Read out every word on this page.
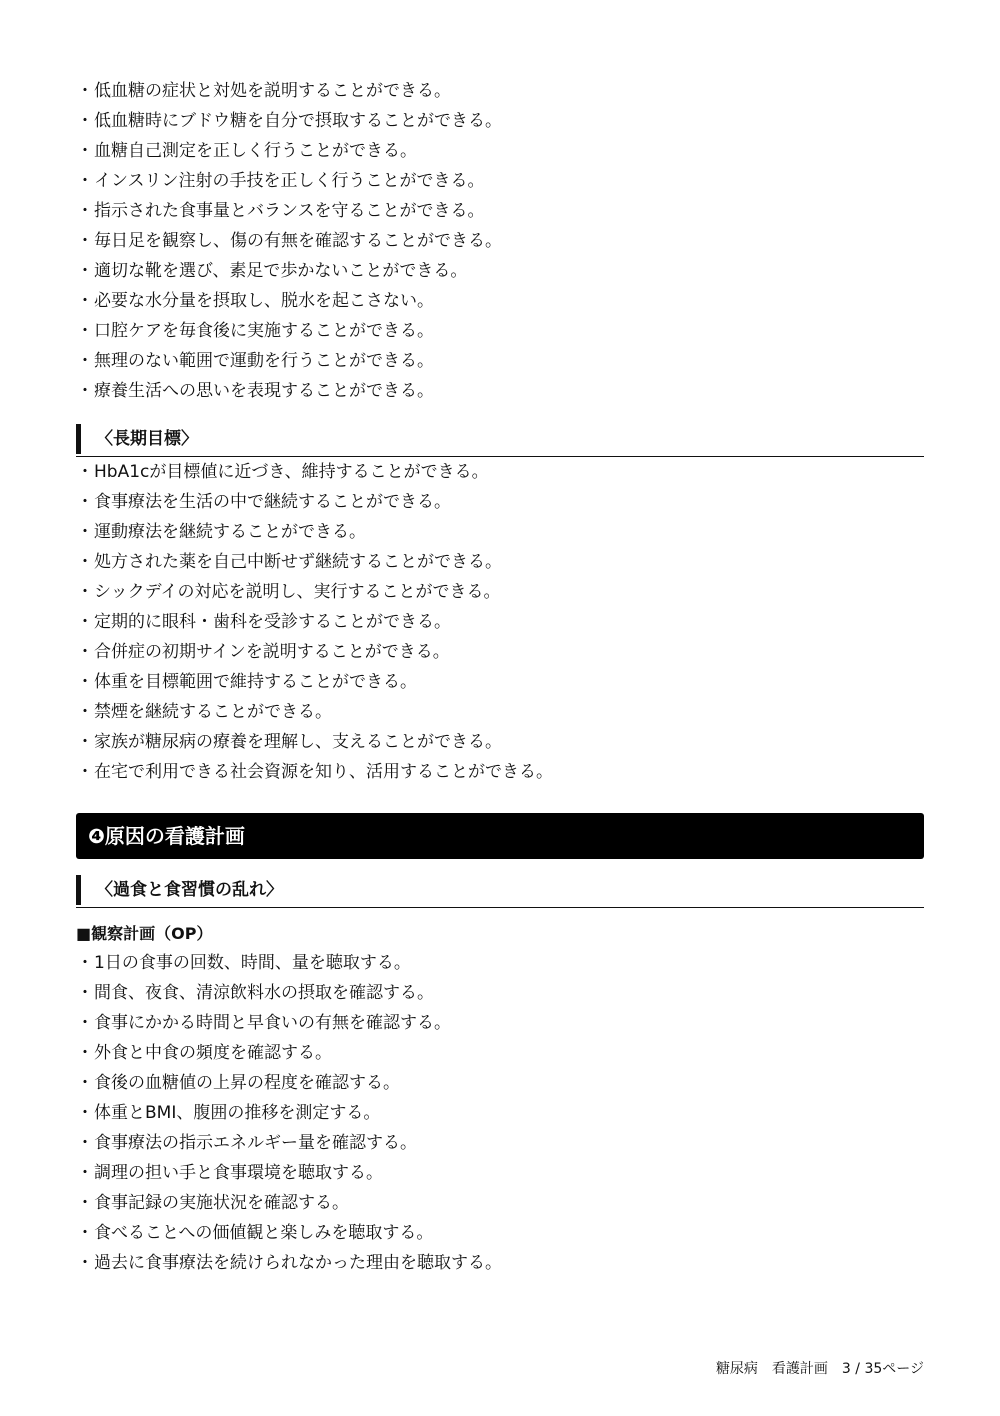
・低血糖の症状と対処を説明することができる。
・低血糖時にブドウ糖を自分で摂取することができる。
・血糖自己測定を正しく行うことができる。
・インスリン注射の手技を正しく行うことができる。
・指示された食事量とバランスを守ることができる。
・毎日足を観察し、傷の有無を確認することができる。
・適切な靴を選び、素足で歩かないことができる。
・必要な水分量を摂取し、脱水を起こさない。
・口腔ケアを毎食後に実施することができる。
・無理のない範囲で運動を行うことができる。
・療養生活への思いを表現することができる。
〈長期目標〉
・HbA1cが目標値に近づき、維持することができる。
・食事療法を生活の中で継続することができる。
・運動療法を継続することができる。
・処方された薬を自己中断せず継続することができる。
・シックデイの対応を説明し、実行することができる。
・定期的に眼科・歯科を受診することができる。
・合併症の初期サインを説明することができる。
・体重を目標範囲で維持することができる。
・禁煙を継続することができる。
・家族が糖尿病の療養を理解し、支えることができる。
・在宅で利用できる社会資源を知り、活用することができる。
❹原因の看護計画
〈過食と食習慣の乱れ〉
■観察計画（OP）
・1日の食事の回数、時間、量を聴取する。
・間食、夜食、清涼飲料水の摂取を確認する。
・食事にかかる時間と早食いの有無を確認する。
・外食と中食の頻度を確認する。
・食後の血糖値の上昇の程度を確認する。
・体重とBMI、腹囲の推移を測定する。
・食事療法の指示エネルギー量を確認する。
・調理の担い手と食事環境を聴取する。
・食事記録の実施状況を確認する。
・食べることへの価値観と楽しみを聴取する。
・過去に食事療法を続けられなかった理由を聴取する。
糖尿病　看護計画　3 / 35ページ
